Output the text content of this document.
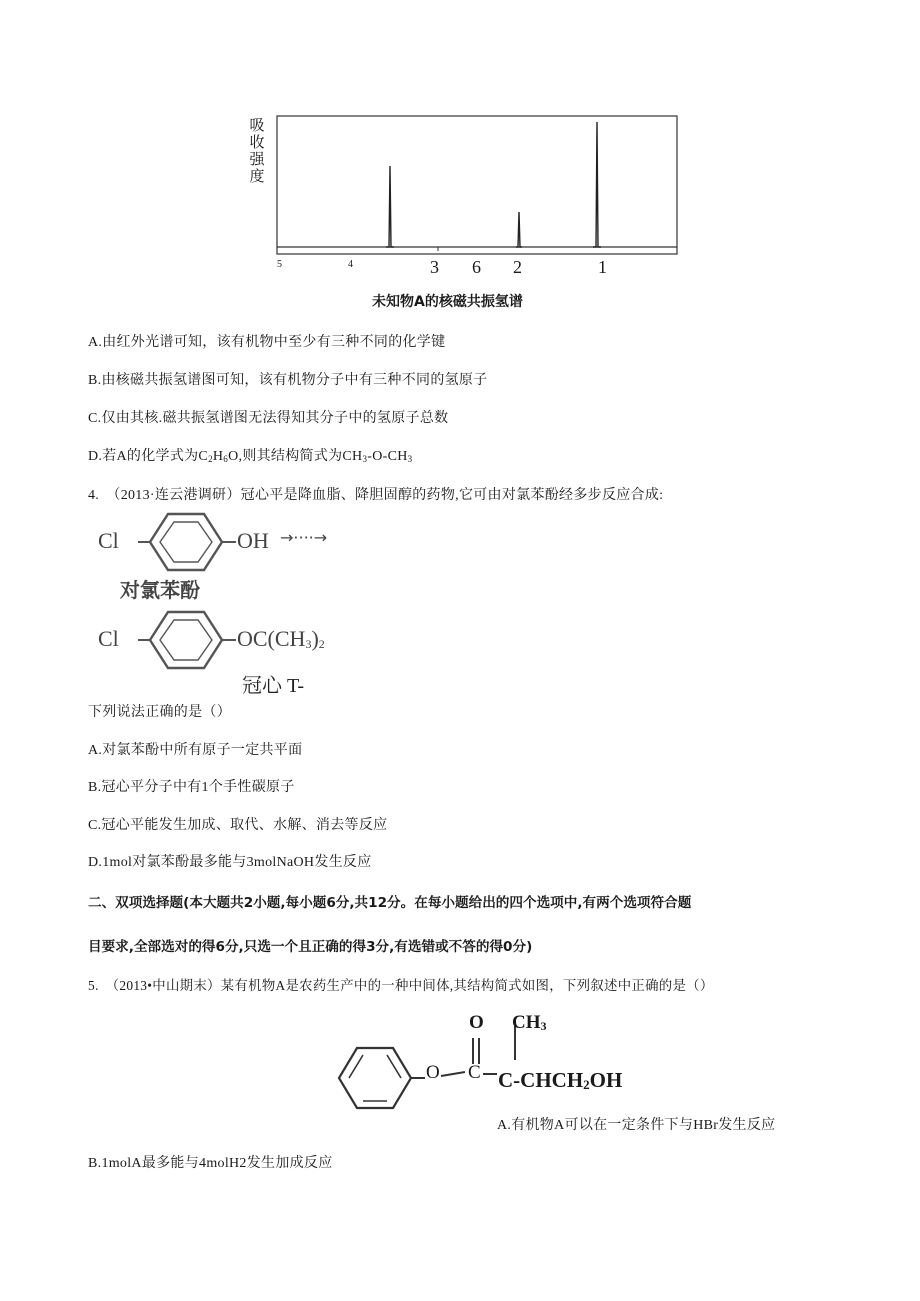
吸
收
强
度
5	4	3 6 2	1
未知物A的核磁共振氢谱
A.由红外光谱可知，该有机物中至少有三种不同的化学键
B.由核磁共振氢谱图可知，该有机物分子中有三种不同的氢原子
C.仅由其核.磁共振氢谱图无法得知其分子中的氢原子总数
D.若A的化学式为$C_2H_6O$,则其结构简式为$CH_3-O-CH_3$
4.　（2013·连云港调研）冠心平是降血脂、降胆固醇的药物,它可由对氯苯酚经多步反应合成:
Cl	OH →····→
对氯苯酚
Cl	$OC(CH_3)_2$
冠心 T-
下列说法正确的是（）
A.对氯苯酚中所有原子一定共平面
B.冠心平分子中有1个手性碳原子
C.冠心平能发生加成、取代、水解、消去等反应
D.1mol对氯苯酚最多能与3molNaOH发生反应
二、双项选择题(本大题共2小题,每小题6分,共12分。在每小题给出的四个选项中,有两个选项符合题
目要求,全部选对的得6分,只选一个且正确的得3分,有选错或不答的得0分)
5.　（2013•中山期末）某有机物A是农药生产中的一种中间体,其结构简式如图，下列叙述中正确的是（）
O $CH_3$
O C $C-CHCH_2OH$
A.有机物A可以在一定条件下与HBr发生反应
B.1molA最多能与4molH2发生加成反应
